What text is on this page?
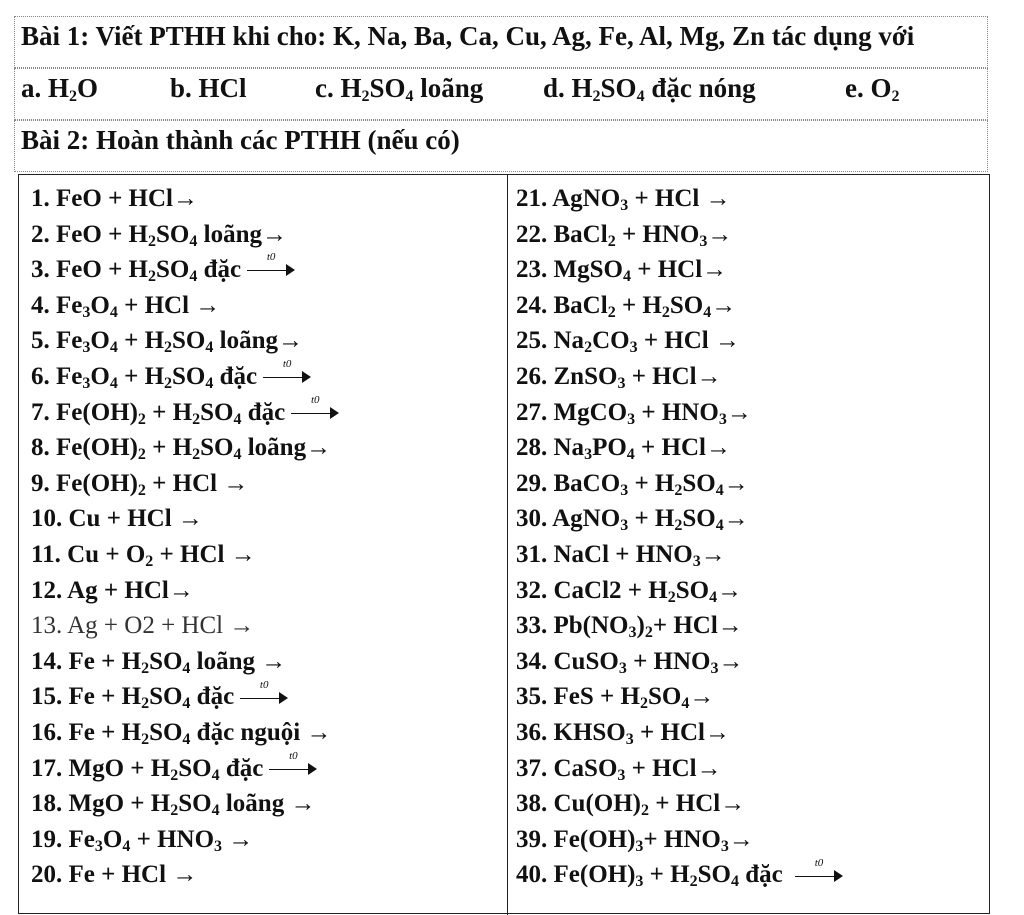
Bài 1: Viết PTHH khi cho: K, Na, Ba, Ca, Cu, Ag, Fe, Al, Mg, Zn tác dụng với
a. $H_2O$	b. HCl	c. $H_2SO_4$ loãng d. $H_2SO_4$ đặc nóng	e. $O_2$
Bài 2: Hoàn thành các PTHH (nếu có)
1. FeO + HCl→
2. FeO + $H_2SO_4$ loãng→
3. FeO + $H_2SO_4$ đặc	t0
4. $Fe_3O_4$ + HCl →
5. $Fe_3O_4 + H_2SO_4$ loãng→
6. $Fe_3O_4 + H_2SO_4$ đặc	t0
7. $Fe(OH)_2 + H_2SO_4$ đặc	t0
8. $Fe(OH)_2 + H_2SO_4$ loãng→
9. $Fe(OH)_2$ + HCl →
10. Cu + HCl →
11. $Cu + O_2$ + HCl →
12. Ag + HCl→
13. Ag + O2 + HCl →
14. $Fe + H_2SO_4$ loãng →
15. $Fe + H_2SO_4$ đặc	t0
16. $Fe + H_2SO_4$ đặc nguội →
17. MgO + $H_2SO_4$ đặc	t0
18. MgO + $H_2SO_4$ loãng →
19. $Fe_3O_4 + HNO_3$ →
20. Fe + HCl →
21. AgNO$_3$ + HCl →
22. BaCl$_2$ + $HNO_3\to$
23. MgSO$_4$ + HCl→
24. BaCl$_2$ + $H_2SO_4\to$
25. $Na_2CO_3$ + HCl →
26. ZnSO$_3$ + HCl→
27. MgCO$_3$ + $HNO_3\to$
28. $Na_3PO_4 + HCl\to$
29. BaCO$_3$ + $H_2SO_4\to$
30. AgNO$_3$ + $H_2SO_4\to$
31. NaCl + $HNO_3\to$
32. CaCl2 + $H_2SO_4\to$
33. $Pb(NO_3)_2+ HCl\to$
34. CuSO$_3$ + $HNO_3\to$
35. FeS + $H_2SO_4\to$
36. $KHSO_3 + HCl\to$
37. CaSO$_3$ + HCl→
38. $Cu(OH)_2 + HCl\to$
39. $Fe(OH)_3+ HNO_3\to$
40. $Fe(OH)_3 + H_2SO_4$ đặc	t0
